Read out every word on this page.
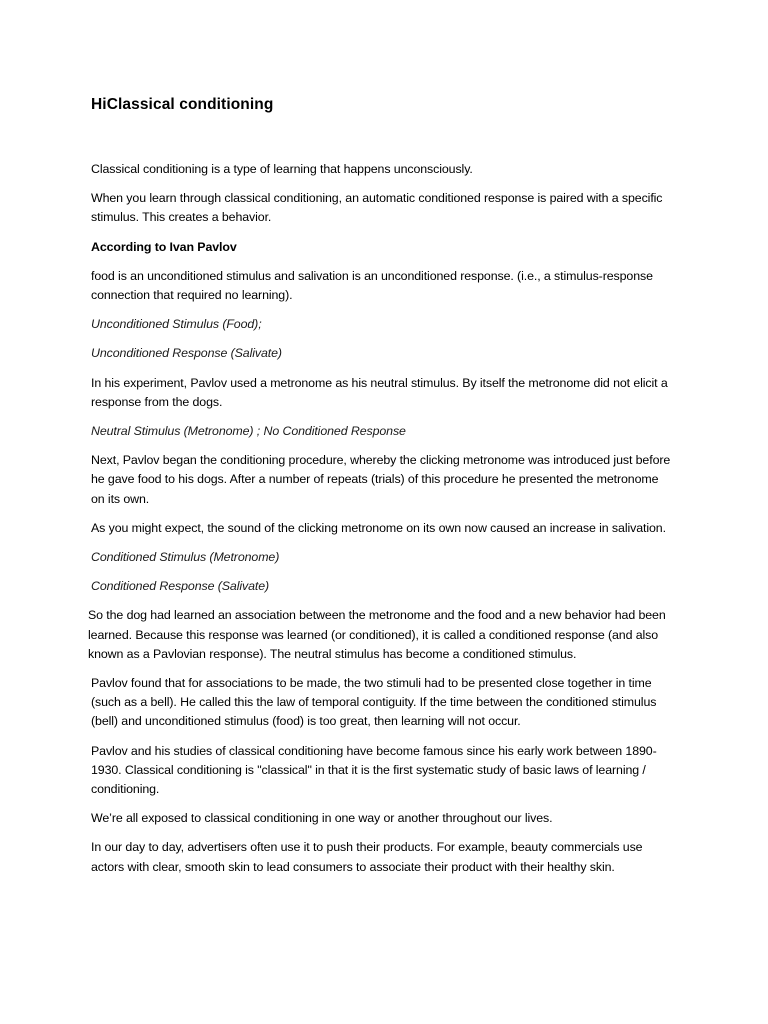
HiClassical conditioning

Classical conditioning is a type of learning that happens unconsciously.

When you learn through classical conditioning, an automatic conditioned response is paired with a specific stimulus. This creates a behavior.

According to Ivan Pavlov

food is an unconditioned stimulus and salivation is an unconditioned response. (i.e., a stimulus-response connection that required no learning).

Unconditioned Stimulus (Food);

Unconditioned Response (Salivate)

In his experiment, Pavlov used a metronome as his neutral stimulus. By itself the metronome did not elicit a response from the dogs.

Neutral Stimulus (Metronome) ; No Conditioned Response

Next, Pavlov began the conditioning procedure, whereby the clicking metronome was introduced just before he gave food to his dogs. After a number of repeats (trials) of this procedure he presented the metronome on its own.

As you might expect, the sound of the clicking metronome on its own now caused an increase in salivation.

Conditioned Stimulus (Metronome)

Conditioned Response (Salivate)

So the dog had learned an association between the metronome and the food and a new behavior had been learned. Because this response was learned (or conditioned), it is called a conditioned response (and also known as a Pavlovian response). The neutral stimulus has become a conditioned stimulus.

Pavlov found that for associations to be made, the two stimuli had to be presented close together in time (such as a bell). He called this the law of temporal contiguity. If the time between the conditioned stimulus (bell) and unconditioned stimulus (food) is too great, then learning will not occur.

Pavlov and his studies of classical conditioning have become famous since his early work between 1890-1930. Classical conditioning is "classical" in that it is the first systematic study of basic laws of learning / conditioning.

We’re all exposed to classical conditioning in one way or another throughout our lives.

In our day to day, advertisers often use it to push their products. For example, beauty commercials use actors with clear, smooth skin to lead consumers to associate their product with their healthy skin.
